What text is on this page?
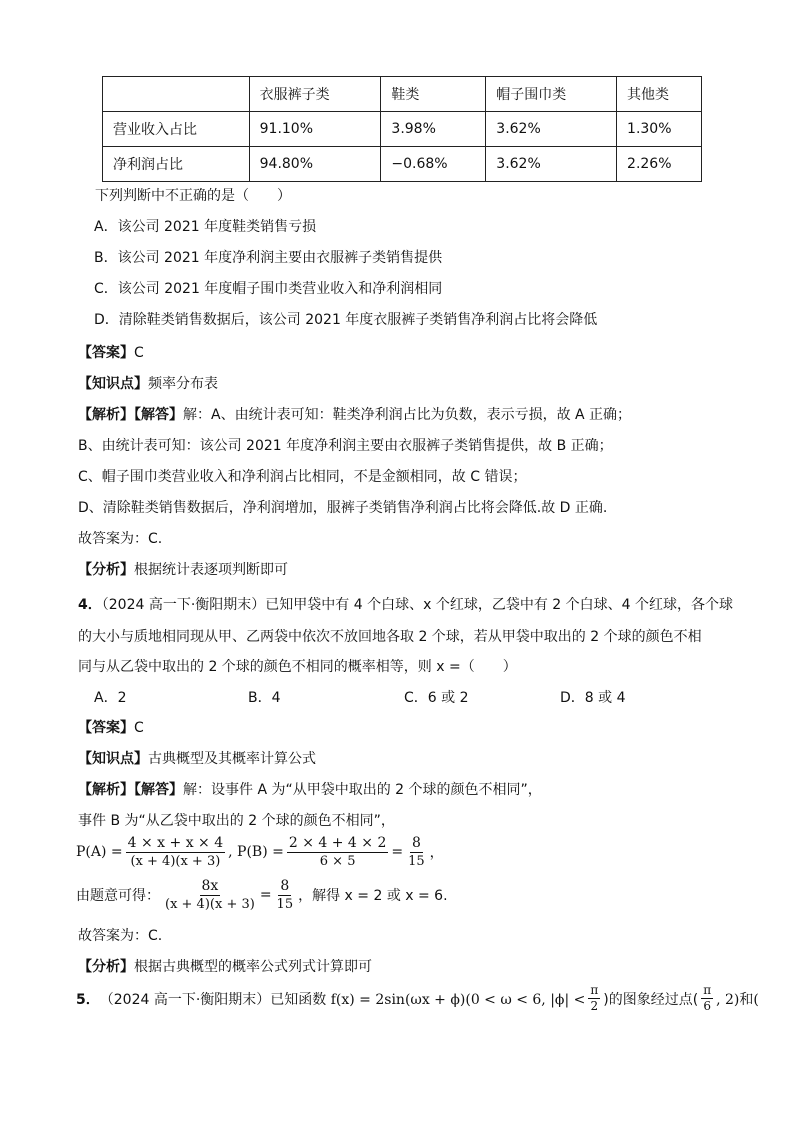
	衣服裤子类	鞋类	帽子围巾类	其他类
营业收入占比	91.10%	3.98%	3.62%	1.30%
净利润占比	94.80%	−0.68%	3.62%	2.26%
下列判断中不正确的是（　　）
A．该公司 2021 年度鞋类销售亏损
B．该公司 2021 年度净利润主要由衣服裤子类销售提供
C．该公司 2021 年度帽子围巾类营业收入和净利润相同
D．清除鞋类销售数据后，该公司 2021 年度衣服裤子类销售净利润占比将会降低
【答案】C
【知识点】频率分布表
【解析】【解答】解：A、由统计表可知：鞋类净利润占比为负数，表示亏损，故 A 正确；
B、由统计表可知：该公司 2021 年度净利润主要由衣服裤子类销售提供，故 B 正确；
C、帽子围巾类营业收入和净利润占比相同，不是金额相同，故 C 错误；
D、清除鞋类销售数据后，净利润增加，服裤子类销售净利润占比将会降低.故 D 正确.
故答案为：C.
【分析】根据统计表逐项判断即可
4．（2024 高一下·衡阳期末）已知甲袋中有 4 个白球、x 个红球，乙袋中有 2 个白球、4 个红球，各个球
的大小与质地相同现从甲、乙两袋中依次不放回地各取 2 个球，若从甲袋中取出的 2 个球的颜色不相
同与从乙袋中取出的 2 个球的颜色不相同的概率相等，则 x =（　　）
A．2	B．4	C．6 或 2	D．8 或 4
【答案】C
【知识点】古典概型及其概率计算公式
【解析】【解答】解：设事件 A 为“从甲袋中取出的 2 个球的颜色不相同”，
事件 B 为“从乙袋中取出的 2 个球的颜色不相同”，
$P(A) = \frac{4 \times x + x \times 4}{(x + 4)(x + 3)}$ , $P(B) = \frac{2 \times 4 + 4 \times 2}{6 \times 5} = \frac{8}{15}$ ，
由题意可得： $\frac{8x}{(x + 4)(x + 3)} = \frac{8}{15}$ ，解得 x = 2 或 x = 6.
故答案为：C.
【分析】根据古典概型的概率公式列式计算即可
5． （2024 高一下·衡阳期末） 已知函数 f(x) = 2sin(ωx + ϕ)(0 < ω < 6, $|\phi| < \frac{\pi}{2}$ )的图象经过点( $\frac{\pi}{6}$ , 2)和(
